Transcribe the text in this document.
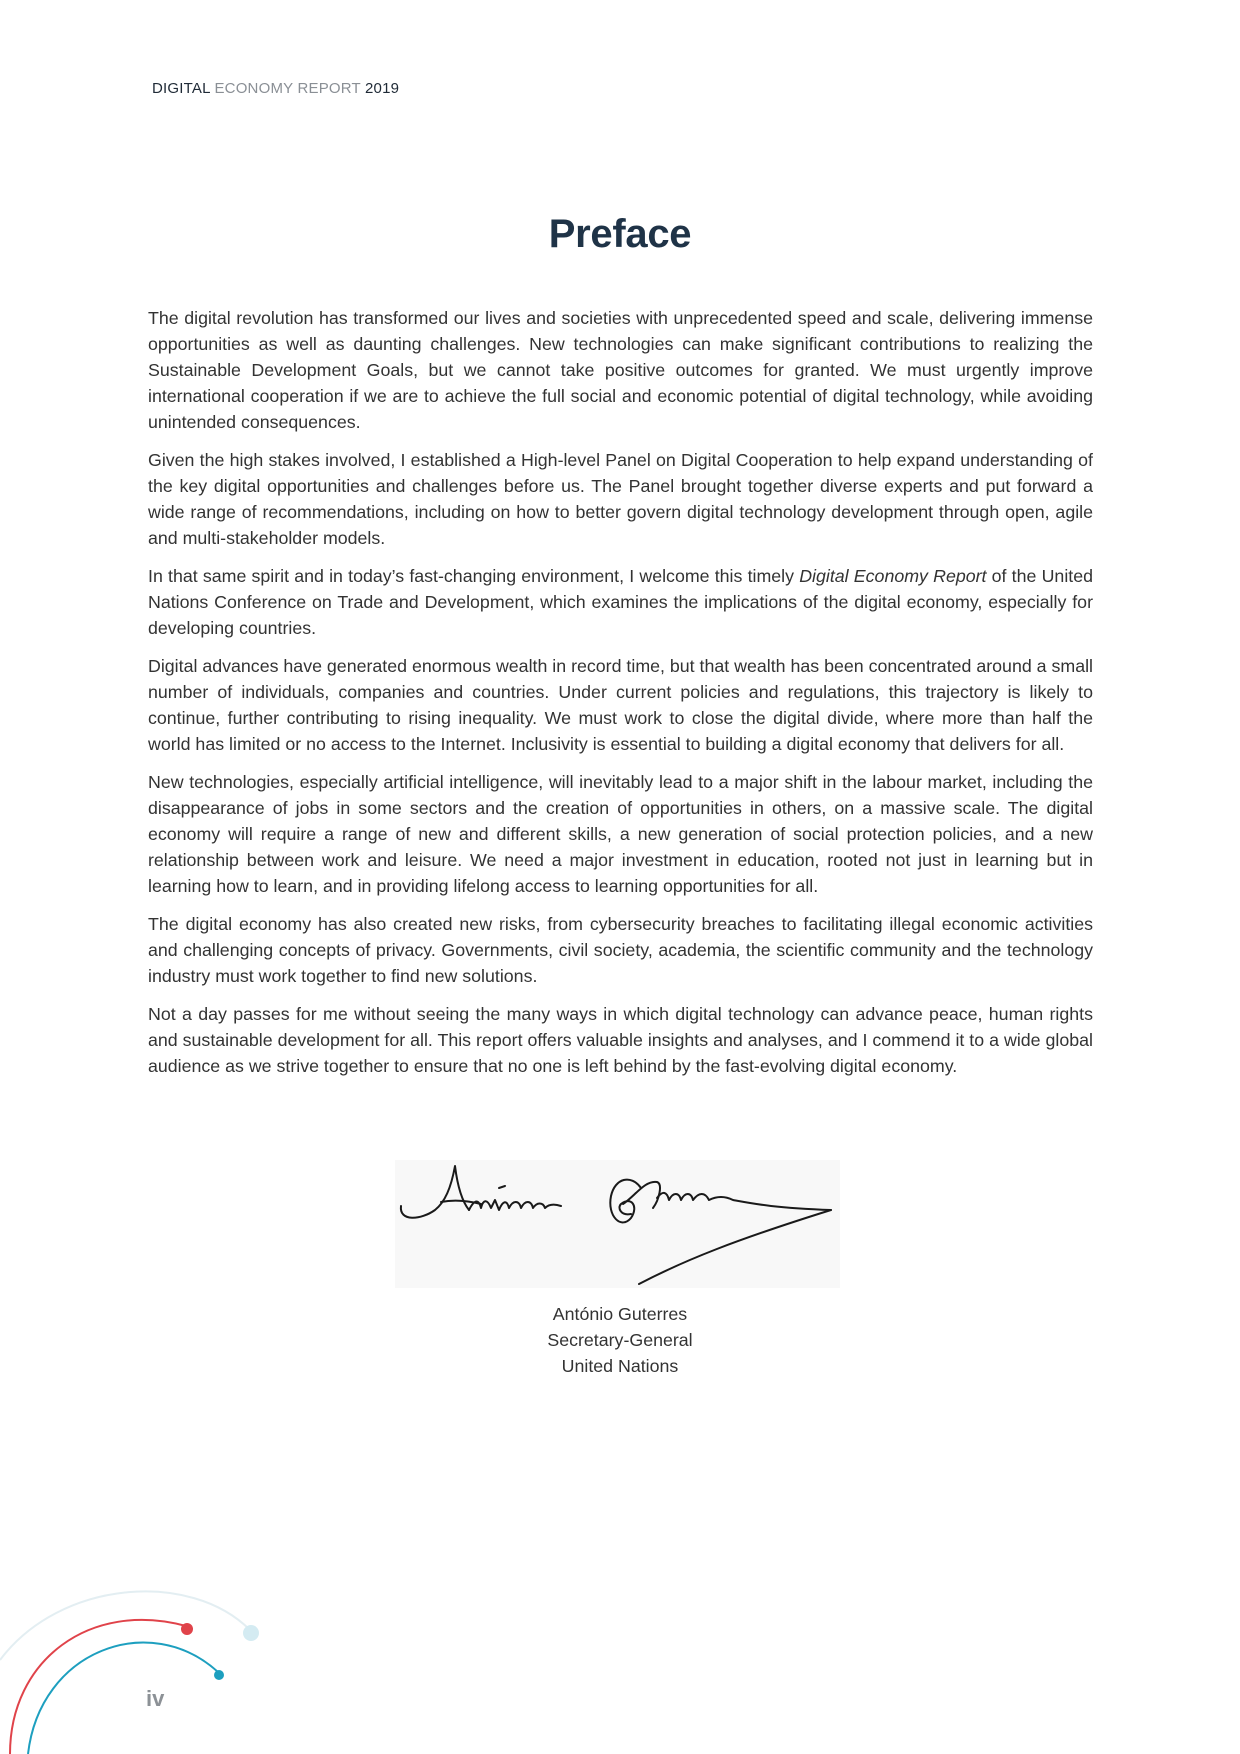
DIGITAL ECONOMY REPORT 2019
Preface

The digital revolution has transformed our lives and societies with unprecedented speed and scale, delivering immense opportunities as well as daunting challenges. New technologies can make significant contributions to realizing the Sustainable Development Goals, but we cannot take positive outcomes for granted. We must urgently improve international cooperation if we are to achieve the full social and economic potential of digital technology, while avoiding unintended consequences.

Given the high stakes involved, I established a High-level Panel on Digital Cooperation to help expand understanding of the key digital opportunities and challenges before us. The Panel brought together diverse experts and put forward a wide range of recommendations, including on how to better govern digital technology development through open, agile and multi-stakeholder models.

In that same spirit and in today’s fast-changing environment, I welcome this timely Digital Economy Report of the United Nations Conference on Trade and Development, which examines the implications of the digital economy, especially for developing countries.

Digital advances have generated enormous wealth in record time, but that wealth has been concentrated around a small number of individuals, companies and countries. Under current policies and regulations, this trajectory is likely to continue, further contributing to rising inequality. We must work to close the digital divide, where more than half the world has limited or no access to the Internet. Inclusivity is essential to building a digital economy that delivers for all.

New technologies, especially artificial intelligence, will inevitably lead to a major shift in the labour market, including the disappearance of jobs in some sectors and the creation of opportunities in others, on a massive scale. The digital economy will require a range of new and different skills, a new generation of social protection policies, and a new relationship between work and leisure. We need a major investment in education, rooted not just in learning but in learning how to learn, and in providing lifelong access to learning opportunities for all.

The digital economy has also created new risks, from cybersecurity breaches to facilitating illegal economic activities and challenging concepts of privacy. Governments, civil society, academia, the scientific community and the technology industry must work together to find new solutions.

Not a day passes for me without seeing the many ways in which digital technology can advance peace, human rights and sustainable development for all. This report offers valuable insights and analyses, and I commend it to a wide global audience as we strive together to ensure that no one is left behind by the fast-evolving digital economy.

António Guterres
Secretary-General
United Nations
iv
